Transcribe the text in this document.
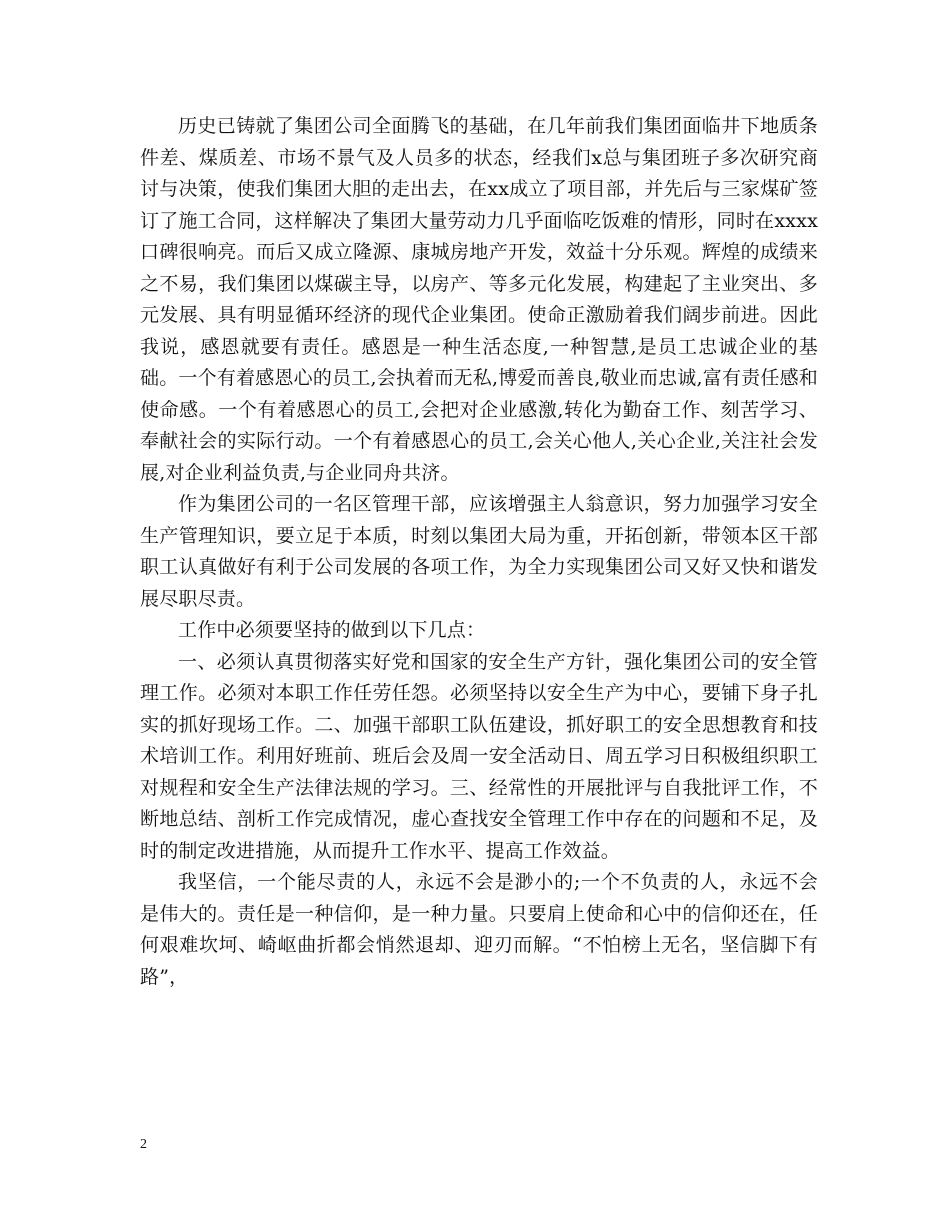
历史已铸就了集团公司全面腾飞的基础，在几年前我们集团面临井下地质条件差、煤质差、市场不景气及人员多的状态，经我们x总与集团班子多次研究商讨与决策，使我们集团大胆的走出去，在xx成立了项目部，并先后与三家煤矿签订了施工合同，这样解决了集团大量劳动力几乎面临吃饭难的情形，同时在xxxx口碑很响亮。而后又成立隆源、康城房地产开发，效益十分乐观。辉煌的成绩来之不易，我们集团以煤碳主导，以房产、等多元化发展，构建起了主业突出、多元发展、具有明显循环经济的现代企业集团。使命正激励着我们阔步前进。因此我说，感恩就要有责任。感恩是一种生活态度,一种智慧,是员工忠诚企业的基础。一个有着感恩心的员工,会执着而无私,博爱而善良,敬业而忠诚,富有责任感和使命感。一个有着感恩心的员工,会把对企业感激,转化为勤奋工作、刻苦学习、奉献社会的实际行动。一个有着感恩心的员工,会关心他人,关心企业,关注社会发展,对企业利益负责,与企业同舟共济。

作为集团公司的一名区管理干部，应该增强主人翁意识，努力加强学习安全生产管理知识，要立足于本质，时刻以集团大局为重，开拓创新，带领本区干部职工认真做好有利于公司发展的各项工作，为全力实现集团公司又好又快和谐发展尽职尽责。

工作中必须要坚持的做到以下几点：

一、必须认真贯彻落实好党和国家的安全生产方针，强化集团公司的安全管理工作。必须对本职工作任劳任怨。必须坚持以安全生产为中心，要铺下身子扎实的抓好现场工作。二、加强干部职工队伍建设，抓好职工的安全思想教育和技术培训工作。利用好班前、班后会及周一安全活动日、周五学习日积极组织职工对规程和安全生产法律法规的学习。三、经常性的开展批评与自我批评工作，不断地总结、剖析工作完成情况，虚心查找安全管理工作中存在的问题和不足，及时的制定改进措施，从而提升工作水平、提高工作效益。

我坚信，一个能尽责的人，永远不会是渺小的;一个不负责的人，永远不会是伟大的。责任是一种信仰，是一种力量。只要肩上使命和心中的信仰还在，任何艰难坎坷、崎岖曲折都会悄然退却、迎刃而解。“不怕榜上无名，坚信脚下有路”，

2
